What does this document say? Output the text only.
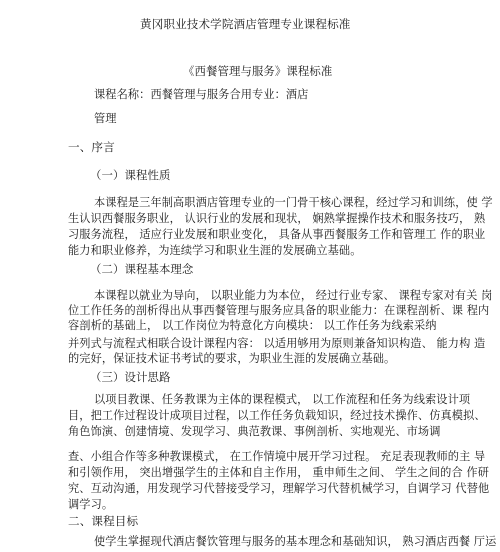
黄冈职业技术学院酒店管理专业课程标准
《西餐管理与服务》课程标准
课程名称：西餐管理与服务合用专业：酒店
管理
一、序言
（一）课程性质
本课程是三年制高职酒店管理专业的一门骨干核心课程，经过学习和训练，使 学
生认识西餐服务职业， 认识行业的发展和现状， 娴熟掌握操作技术和服务技巧， 熟
习服务流程， 适应行业发展和职业变化， 具备从事西餐服务工作和管理工 作的职业
能力和职业修养，为连续学习和职业生涯的发展确立基础。
（二）课程基本理念
本课程以就业为导向， 以职业能力为本位， 经过行业专家、 课程专家对有关 岗
位工作任务的剖析得出从事西餐管理与服务应具备的职业能力：在课程剖析、课 程内
容剖析的基础上， 以工作岗位为特意化方向模块： 以工作任务为线索采纳
并列式与流程式相联合设计课程内容： 以适用够用为原则兼备知识构造、 能力构 造
的完好，保证技术证书考试的要求，为职业生涯的发展确立基础。
（三）设计思路
以项目教课、任务教课为主体的课程模式， 以工作流程和任务为线索设计项
目，把工作过程设计成项目过程，以工作任务负载知识，经过技术操作、仿真模拟、
角色饰演、创建情境、发现学习、典范教课、事例剖析、实地观光、市场调
查、小组合作等多种教课模式， 在工作情境中展开学习过程。 充足表现教师的主 导
和引领作用， 突出增强学生的主体和自主作用， 重申师生之间、 学生之间的合 作研
究、互动沟通，用发现学习代替接受学习，理解学习代替机械学习，自调学习 代替他
调学习。
二、课程目标
使学生掌握现代酒店餐饮管理与服务的基本理念和基础知识， 熟习酒店西餐 厅运
